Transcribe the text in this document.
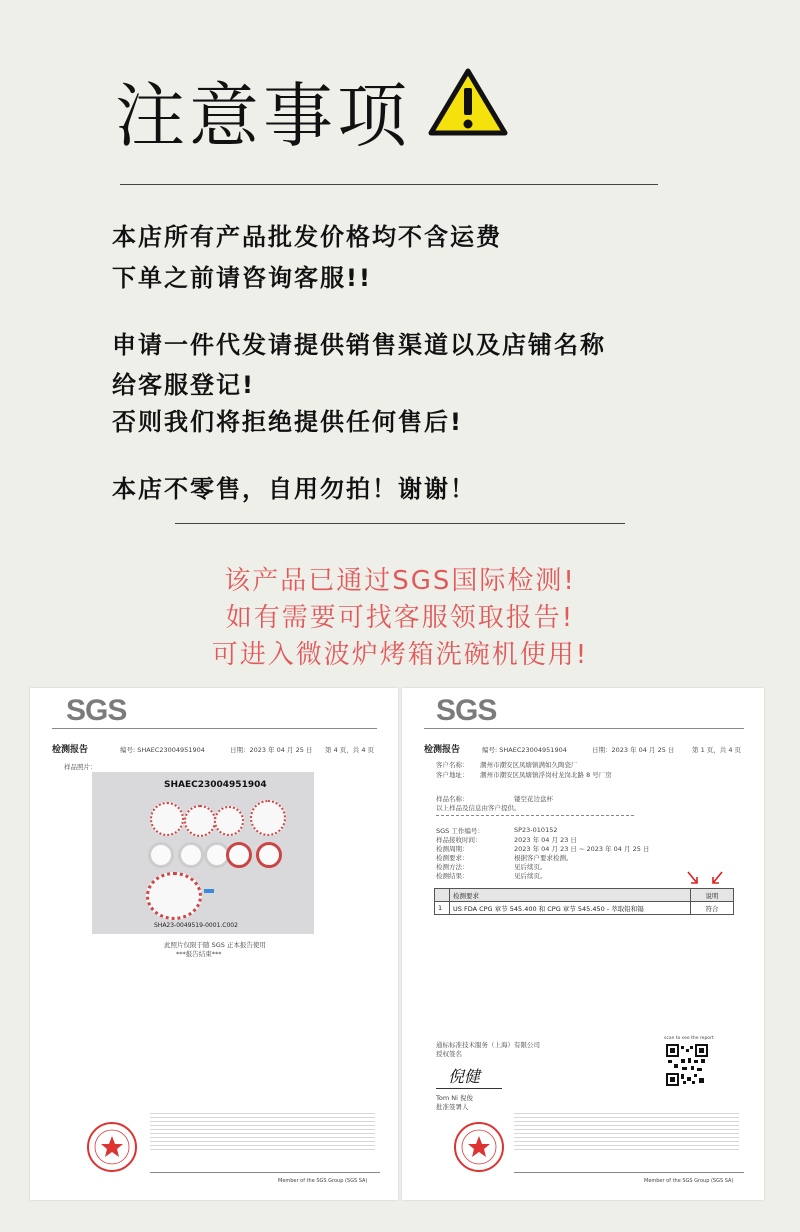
注意事项
本店所有产品批发价格均不含运费
下单之前请咨询客服!!
申请一件代发请提供销售渠道以及店铺名称
给客服登记!
否则我们将拒绝提供任何售后!
本店不零售，自用勿拍！谢谢！
该产品已通过SGS国际检测!
如有需要可找客服领取报告!
可进入微波炉烤箱洗碗机使用!
SGS
检测报告	编号: SHAEC23004951904	日期：2023 年 04 月 25 日 第 4 页，共 4 页
样品照片：
SHAEC23004951904
SHA23-0049519-0001.C002
此照片仅限于随 SGS 正本报告使用
***报告结束***
Member of the SGS Group (SGS SA)
SGS
检测报告	编号: SHAEC23004951904	日期：2023 年 04 月 25 日	第 1 页，共 4 页
客户名称： 潮州市潮安区凤塘镇满如久陶瓷厂
客户地址： 潮州市潮安区凤塘镇浮岗村龙岗北路 8 号厂房
样品名称：	镂空花边盘杯
以上样品及信息由客户提供。
SGS 工作编号：	SP23-010152
样品接收时间：	2023 年 04 月 23 日
检测周期：	2023 年 04 月 23 日 ~ 2023 年 04 月 25 日
检测要求：	根据客户要求检测。
检测方法：	见后续页。
检测结果：	见后续页。
	检测要求	说明
1	US FDA CPG 章节 545.400 和 CPG 章节 545.450 - 萃取铅和镉	符合
通标标准技术服务（上海）有限公司
授权签名
倪健
Tom Ni 倪俊
批准签署人
scan to see the report
Member of the SGS Group (SGS SA)
